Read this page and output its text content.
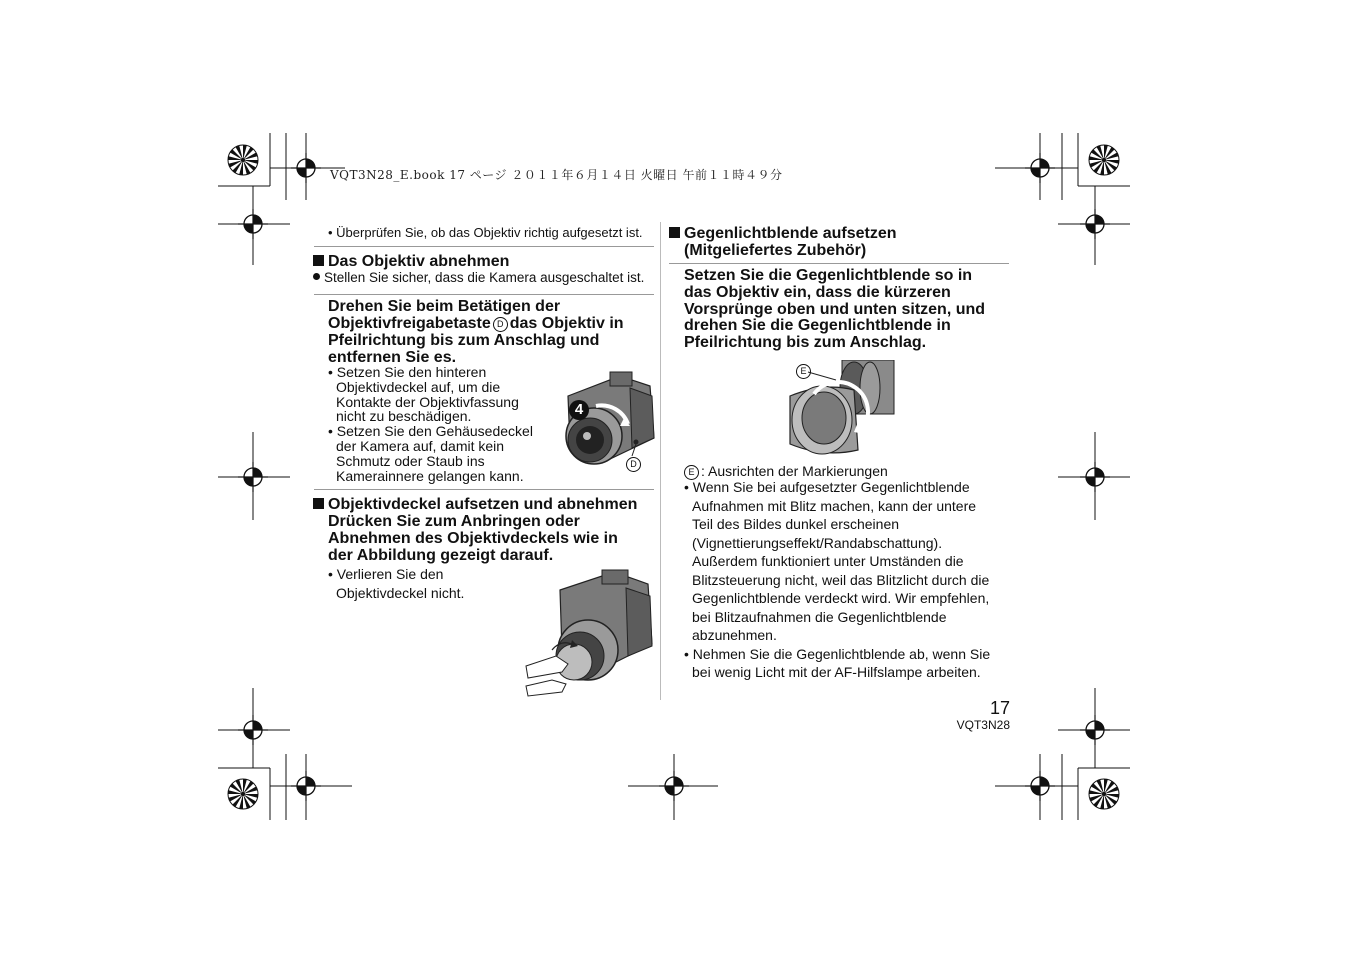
VQT3N28_E.book 17 ページ ２０１１年６月１４日 火曜日 午前１１時４９分
• Überprüfen Sie, ob das Objektiv richtig aufgesetzt ist.
Das Objektiv abnehmen
Stellen Sie sicher, dass die Kamera ausgeschaltet ist.
Drehen Sie beim Betätigen der
Objektivfreigabetaste D das Objektiv in
Pfeilrichtung bis zum Anschlag und
entfernen Sie es.
• Setzen Sie den hinteren
Objektivdeckel auf, um die
Kontakte der Objektivfassung
nicht zu beschädigen.
• Setzen Sie den Gehäusedeckel
der Kamera auf, damit kein
Schmutz oder Staub ins
Kamerainnere gelangen kann.
4
D
Objektivdeckel aufsetzen und abnehmen
Drücken Sie zum Anbringen oder
Abnehmen des Objektivdeckels wie in
der Abbildung gezeigt darauf.
• Verlieren Sie den
Objektivdeckel nicht.
Gegenlichtblende aufsetzen
(Mitgeliefertes Zubehör)
Setzen Sie die Gegenlichtblende so in
das Objektiv ein, dass die kürzeren
Vorsprünge oben und unten sitzen, und
drehen Sie die Gegenlichtblende in
Pfeilrichtung bis zum Anschlag.
E
E : Ausrichten der Markierungen
• Wenn Sie bei aufgesetzter Gegenlichtblende
Aufnahmen mit Blitz machen, kann der untere
Teil des Bildes dunkel erscheinen
(Vignettierungseffekt/Randabschattung).
Außerdem funktioniert unter Umständen die
Blitzsteuerung nicht, weil das Blitzlicht durch die
Gegenlichtblende verdeckt wird. Wir empfehlen,
bei Blitzaufnahmen die Gegenlichtblende
abzunehmen.
• Nehmen Sie die Gegenlichtblende ab, wenn Sie
bei wenig Licht mit der AF-Hilfslampe arbeiten.
17
VQT3N28
